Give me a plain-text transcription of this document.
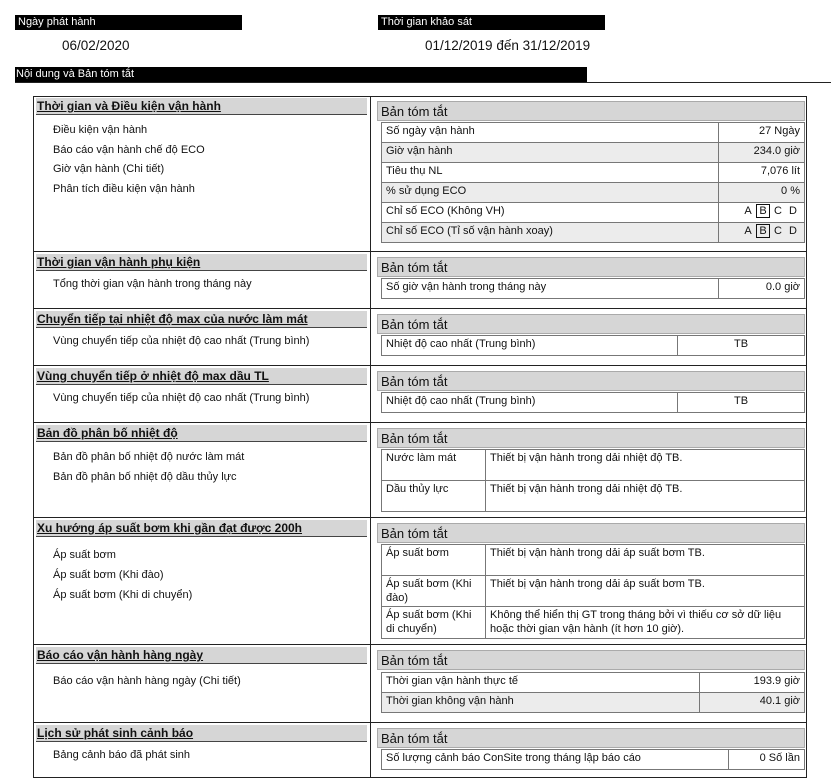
Ngày phát hành
06/02/2020
Thời gian khảo sát
01/12/2019 đến 31/12/2019
Nội dung và Bản tóm tắt
Thời gian và Điều kiện vận hành
Điều kiện vận hành
Báo cáo vận hành chế độ ECO
Giờ vận hành (Chi tiết)
Phân tích điều kiện vận hành
Bản tóm tắt
Số ngày vận hành	27 Ngày
Giờ vận hành	234.0 giờ
Tiêu thụ NL	7,076 lít
% sử dụng ECO	0 %
Chỉ số ECO (Không VH)	A B C D
Chỉ số ECO (Tỉ số vận hành xoay)	A B C D
Thời gian vận hành phụ kiện
Tổng thời gian vận hành trong tháng này
Bản tóm tắt
Số giờ vận hành trong tháng này	0.0 giờ
Chuyển tiếp tại nhiệt độ max của nước làm mát
Vùng chuyển tiếp của nhiệt độ cao nhất (Trung bình)
Bản tóm tắt
Nhiệt độ cao nhất (Trung bình)	TB
Vùng chuyển tiếp ở nhiệt độ max dầu TL
Vùng chuyển tiếp của nhiệt độ cao nhất (Trung bình)
Bản tóm tắt
Nhiệt độ cao nhất (Trung bình)	TB
Bản đồ phân bố nhiệt độ
Bản đồ phân bố nhiệt độ nước làm mát
Bản đồ phân bố nhiệt độ dầu thủy lực
Bản tóm tắt
Nước làm mát	Thiết bị vận hành trong dải nhiệt độ TB.
Dầu thủy lực	Thiết bị vận hành trong dải nhiệt độ TB.
Xu hướng áp suất bơm khi gần đạt được 200h
Áp suất bơm
Áp suất bơm (Khi đào)
Áp suất bơm (Khi di chuyển)
Bản tóm tắt
Áp suất bơm	Thiết bị vận hành trong dải áp suất bơm TB.
Áp suất bơm (Khi đào)	Thiết bị vận hành trong dải áp suất bơm TB.
Áp suất bơm (Khi di chuyển)	Không thể hiển thị GT trong tháng bởi vì thiếu cơ sở dữ liệu hoặc thời gian vận hành (ít hơn 10 giờ).
Báo cáo vận hành hàng ngày
Báo cáo vận hành hàng ngày (Chi tiết)
Bản tóm tắt
Thời gian vận hành thực tế	193.9 giờ
Thời gian không vận hành	40.1 giờ
Lịch sử phát sinh cảnh báo
Bảng cảnh báo đã phát sinh
Bản tóm tắt
Số lượng cảnh báo ConSite trong tháng lập báo cáo	0 Số lần
